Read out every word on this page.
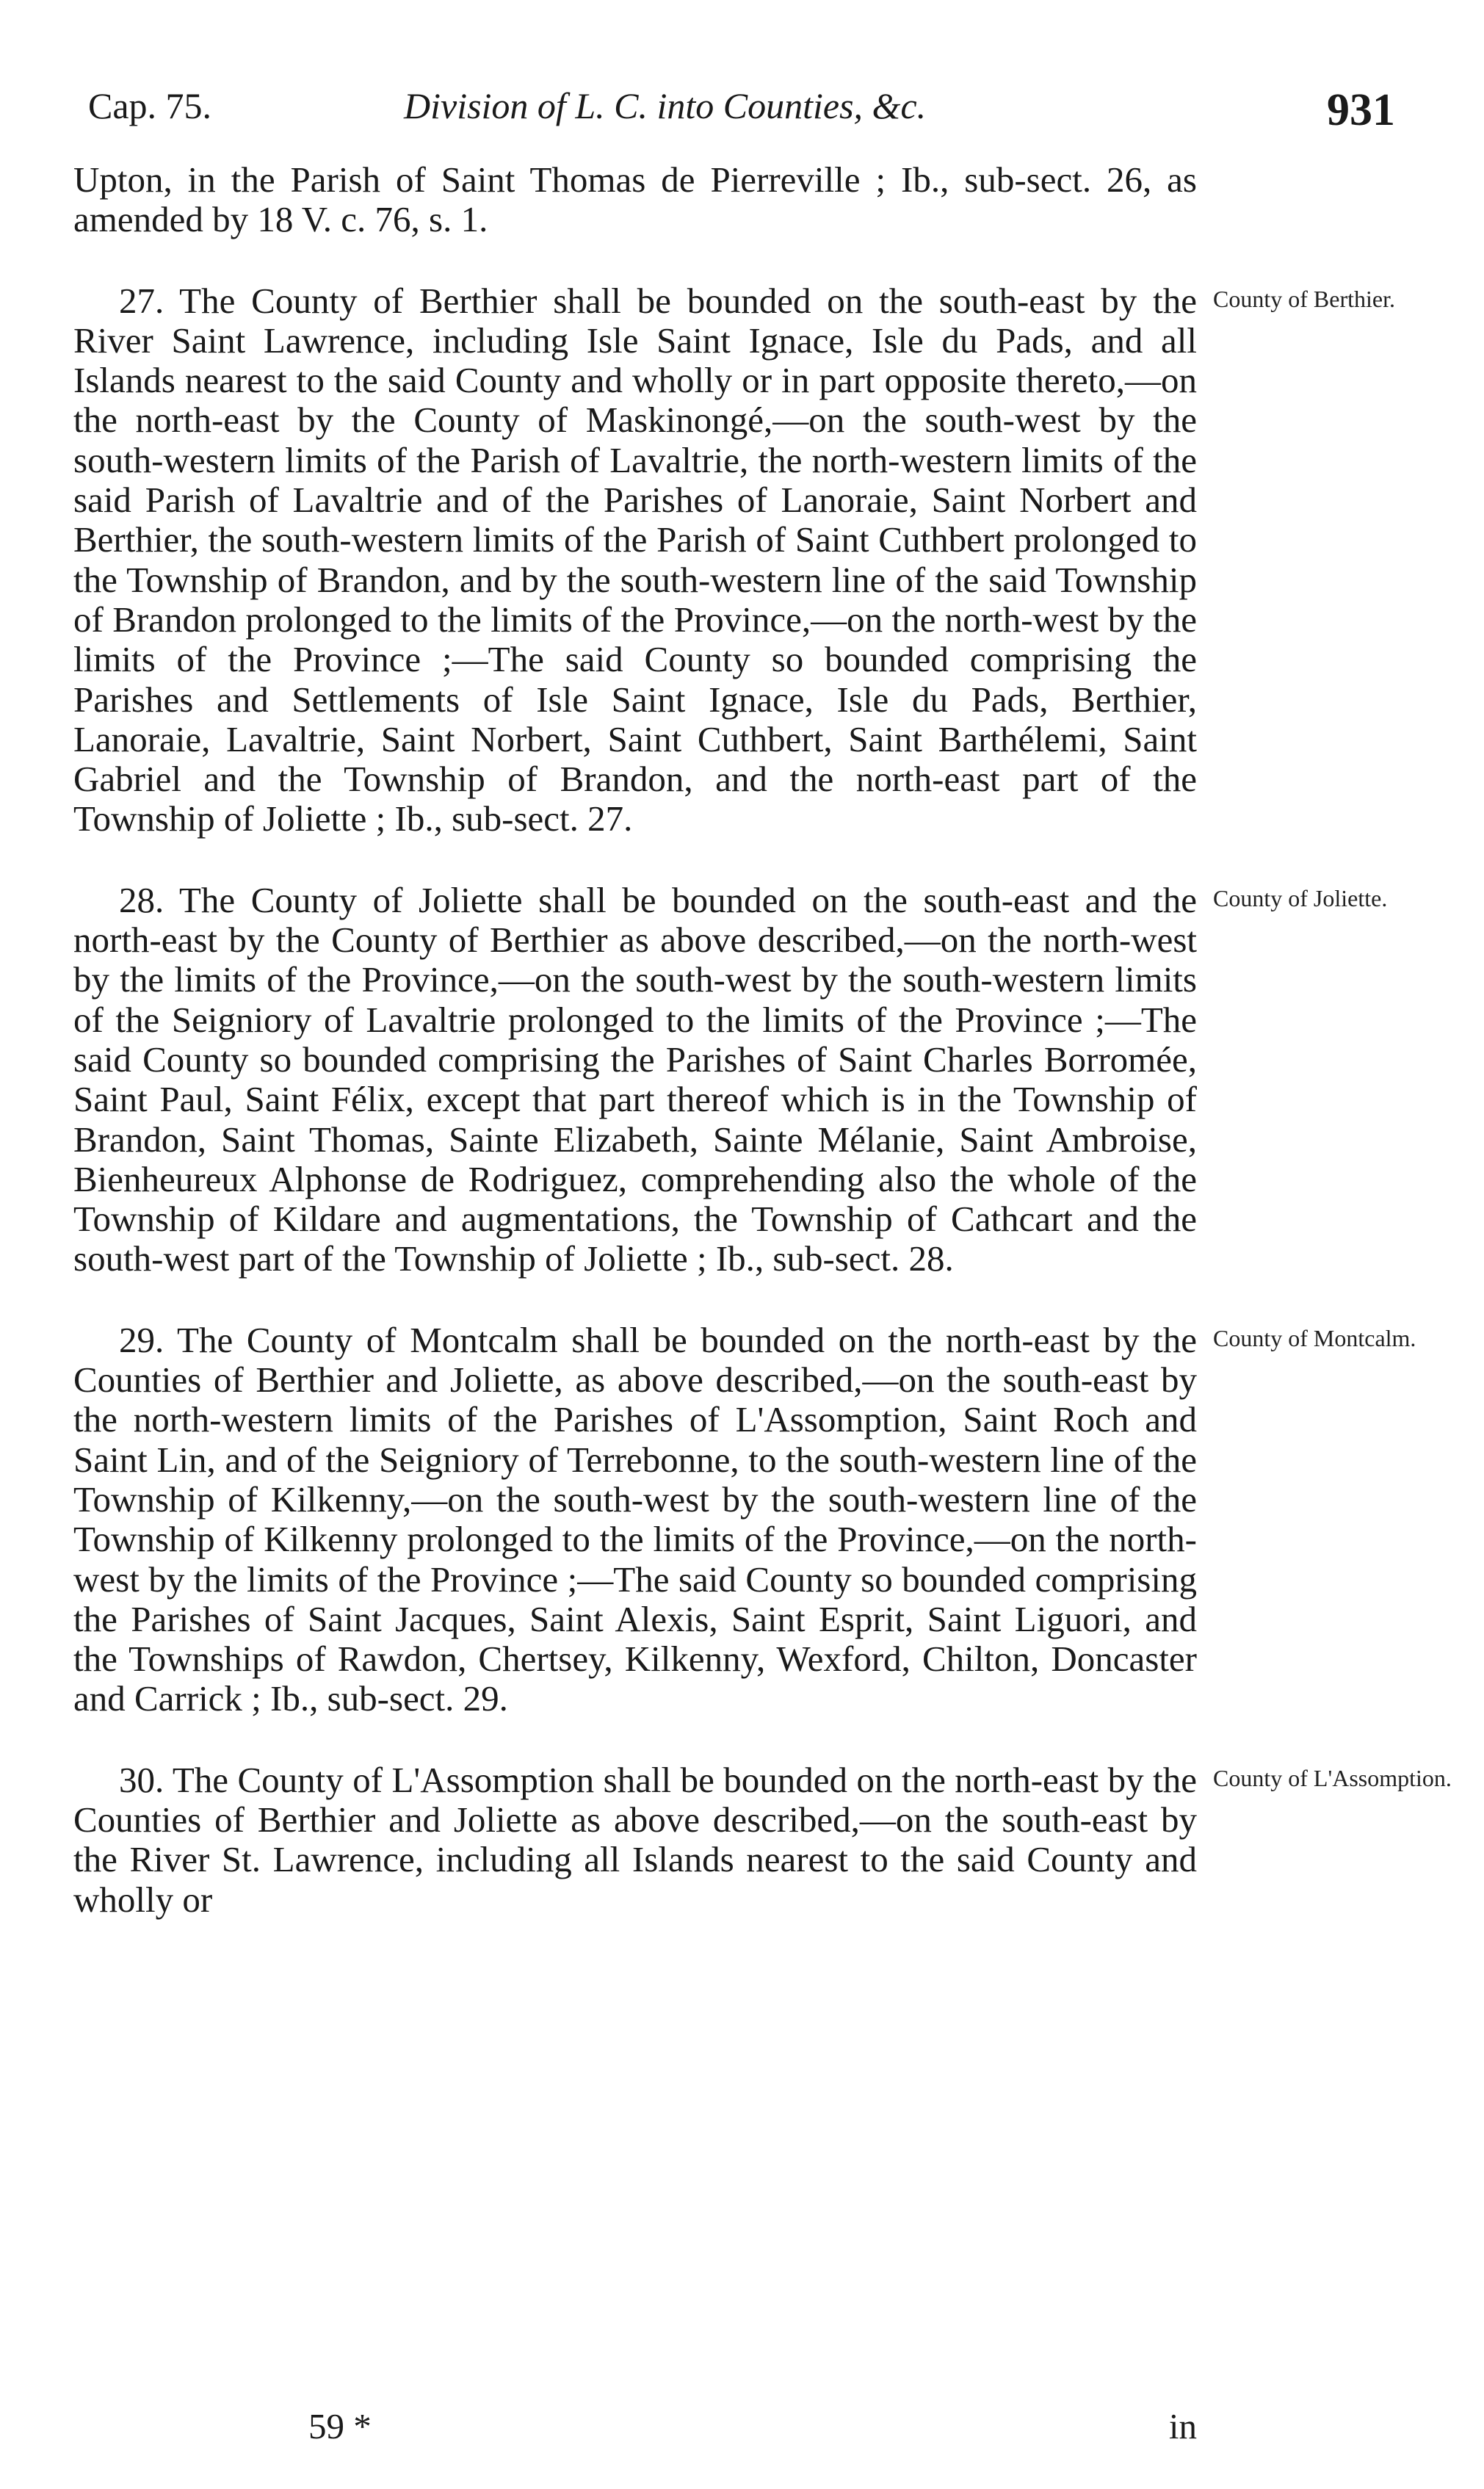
Cap. 75.	Division of L. C. into Counties, &c.	931

Upton, in the Parish of Saint Thomas de Pierreville ; Ib., sub-sect. 26, as amended by 18 V. c. 76, s. 1.

27. The County of Berthier shall be bounded on the south-east by the River Saint Lawrence, including Isle Saint Ignace, Isle du Pads, and all Islands nearest to the said County and wholly or in part opposite thereto,—on the north-east by the County of Maskinongé,—on the south-west by the south-western limits of the Parish of Lavaltrie, the north-western limits of the said Parish of Lavaltrie and of the Parishes of Lanoraie, Saint Norbert and Berthier, the south-western limits of the Parish of Saint Cuthbert prolonged to the Township of Brandon, and by the south-western line of the said Township of Brandon prolonged to the limits of the Province,—on the north-west by the limits of the Province ;—The said County so bounded comprising the Parishes and Settlements of Isle Saint Ignace, Isle du Pads, Berthier, Lanoraie, Lavaltrie, Saint Norbert, Saint Cuthbert, Saint Barthélemi, Saint Gabriel and the Township of Brandon, and the north-east part of the Township of Joliette ; Ib., sub-sect. 27.

28. The County of Joliette shall be bounded on the south-east and the north-east by the County of Berthier as above described,—on the north-west by the limits of the Province,—on the south-west by the south-western limits of the Seigniory of Lavaltrie prolonged to the limits of the Province ;—The said County so bounded comprising the Parishes of Saint Charles Borromée, Saint Paul, Saint Félix, except that part thereof which is in the Township of Brandon, Saint Thomas, Sainte Elizabeth, Sainte Mélanie, Saint Ambroise, Bienheureux Alphonse de Rodriguez, comprehending also the whole of the Township of Kildare and augmentations, the Township of Cathcart and the south-west part of the Township of Joliette ; Ib., sub-sect. 28.

29. The County of Montcalm shall be bounded on the north-east by the Counties of Berthier and Joliette, as above described,—on the south-east by the north-western limits of the Parishes of L'Assomption, Saint Roch and Saint Lin, and of the Seigniory of Terrebonne, to the south-western line of the Township of Kilkenny,—on the south-west by the south-western line of the Township of Kilkenny prolonged to the limits of the Province,—on the north-west by the limits of the Province ;—The said County so bounded comprising the Parishes of Saint Jacques, Saint Alexis, Saint Esprit, Saint Liguori, and the Townships of Rawdon, Chertsey, Kilkenny, Wexford, Chilton, Doncaster and Carrick ; Ib., sub-sect. 29.

30. The County of L'Assomption shall be bounded on the north-east by the Counties of Berthier and Joliette as above described,—on the south-east by the River St. Lawrence, including all Islands nearest to the said County and wholly or

County of Berthier.
County of Joliette.
County of Montcalm.
County of L'Assomption.
59 *	in
